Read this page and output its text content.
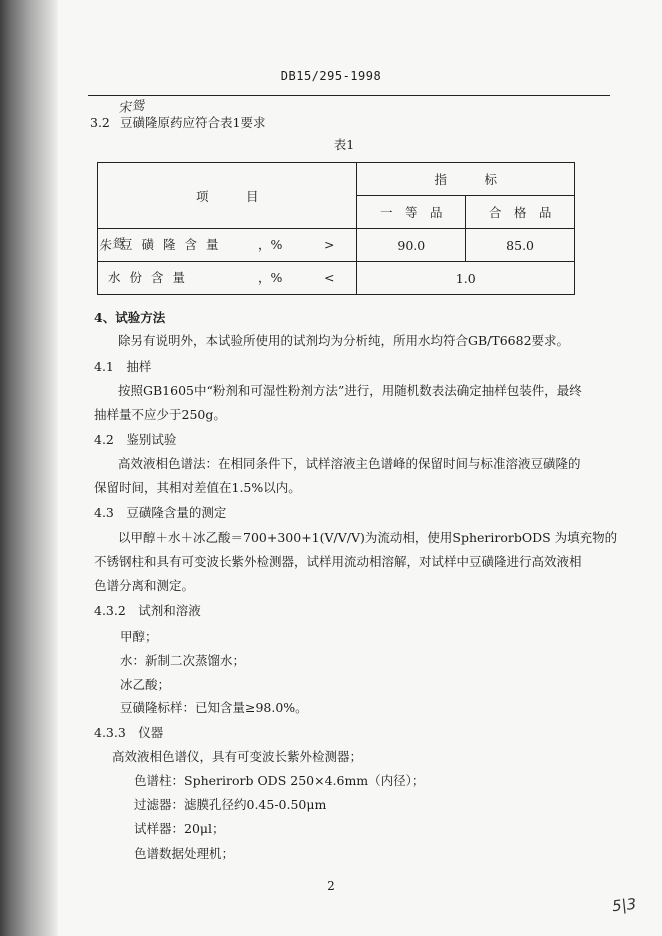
DB15/295-1998
宋鸳
3.2 豆磺隆原药应符合表1要求
表1
项　　　目	指　　　标	
	一　等　品	合　格　品

朱鸳
豆磺隆含量 ，% >	90.0	85.0

水份含量 ，% <	1.0	
4、试验方法
除另有说明外，本试验所使用的试剂均为分析纯，所用水均符合GB/T6682要求。
4.1　抽样
按照GB1605中“粉剂和可湿性粉剂方法”进行，用随机数表法确定抽样包装件，最终
抽样量不应少于250g。
4.2　鉴别试验
高效液相色谱法：在相同条件下，试样溶液主色谱峰的保留时间与标准溶液豆磺隆的
保留时间，其相对差值在1.5%以内。
4.3　豆磺隆含量的测定
以甲醇＋水＋冰乙酸＝700+300+1(V/V/V)为流动相，使用SpherirorbODS 为填充物的
不锈钢柱和具有可变波长紫外检测器，试样用流动相溶解，对试样中豆磺隆进行高效液相
色谱分离和测定。
4.3.2　试剂和溶液
甲醇；
水：新制二次蒸馏水；
冰乙酸；
豆磺隆标样：已知含量≥98.0%。
4.3.3　仪器
高效液相色谱仪，具有可变波长紫外检测器；
色谱柱：Spherirorb ODS 250×4.6mm（内径）；
过滤器：滤膜孔径约0.45-0.50μm
试样器：20μl；
色谱数据处理机；
2
5|3
